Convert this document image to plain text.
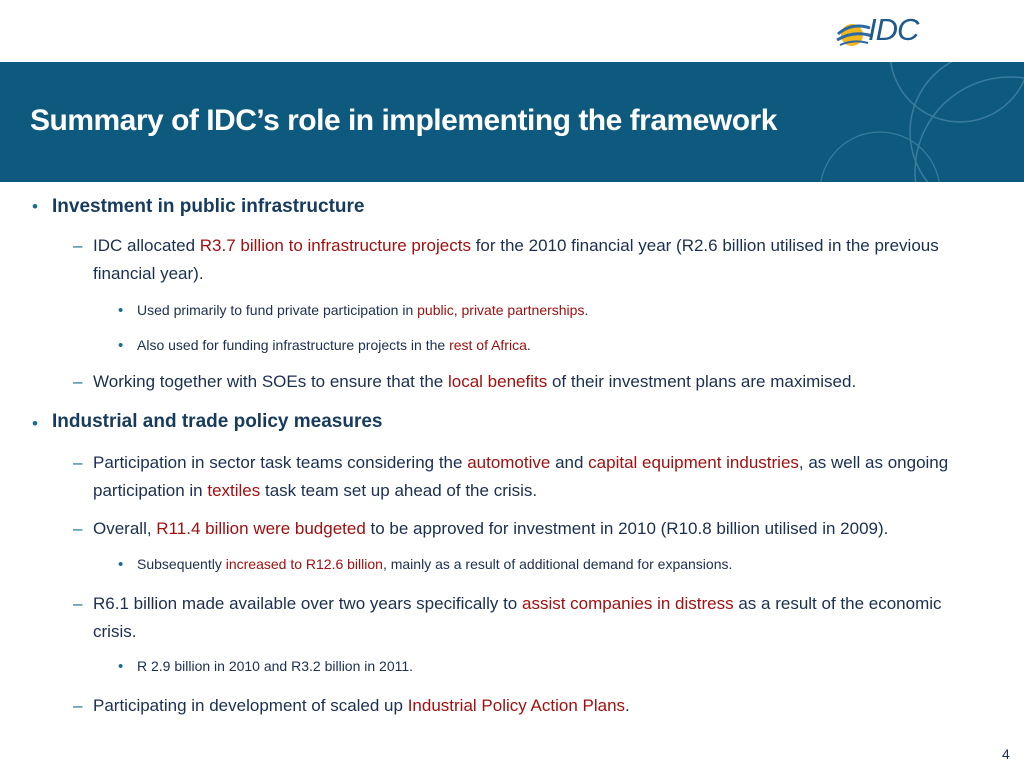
IDC
Summary of IDC’s role in implementing the framework
• Investment in public infrastructure
– IDC allocated R3.7 billion to infrastructure projects for the 2010 financial year (R2.6 billion utilised in the previous financial year).
• Used primarily to fund private participation in public, private partnerships.
• Also used for funding infrastructure projects in the rest of Africa.
– Working together with SOEs to ensure that the local benefits of their investment plans are maximised.
• Industrial and trade policy measures
– Participation in sector task teams considering the automotive and capital equipment industries, as well as ongoing participation in textiles task team set up ahead of the crisis.
– Overall, R11.4 billion were budgeted to be approved for investment in 2010 (R10.8 billion utilised in 2009).
• Subsequently increased to R12.6 billion, mainly as a result of additional demand for expansions.
– R6.1 billion made available over two years specifically to assist companies in distress as a result of the economic crisis.
• R 2.9 billion in 2010 and R3.2 billion in 2011.
– Participating in development of scaled up Industrial Policy Action Plans.
4
